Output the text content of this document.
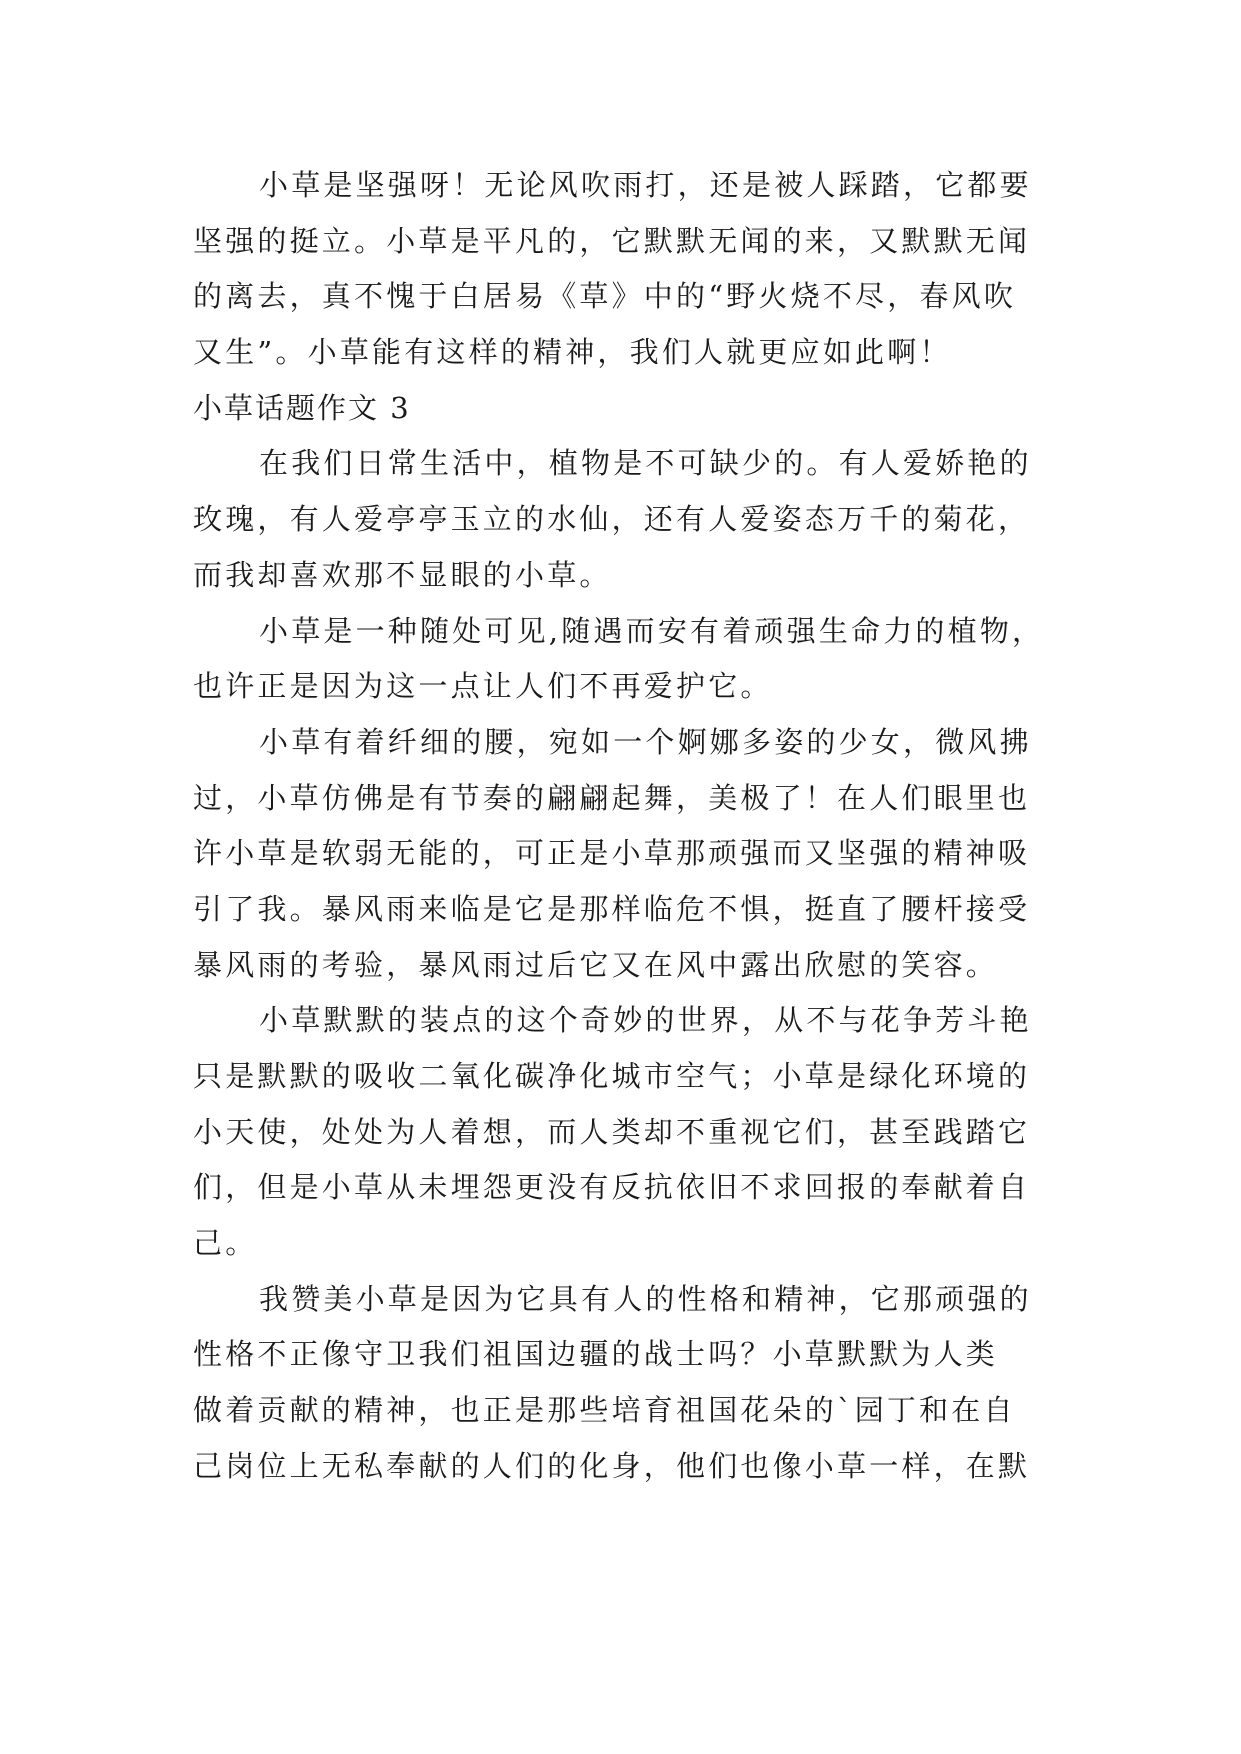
小草是坚强呀！无论风吹雨打，还是被人踩踏，它都要
坚强的挺立。小草是平凡的，它默默无闻的来，又默默无闻
的离去，真不愧于白居易《草》中的“野火烧不尽，春风吹
又生”。小草能有这样的精神，我们人就更应如此啊！
小草话题作文 3
在我们日常生活中，植物是不可缺少的。有人爱娇艳的
玫瑰，有人爱亭亭玉立的水仙，还有人爱姿态万千的菊花，
而我却喜欢那不显眼的小草。
小草是一种随处可见,随遇而安有着顽强生命力的植物，
也许正是因为这一点让人们不再爱护它。
小草有着纤细的腰，宛如一个婀娜多姿的少女，微风拂
过，小草仿佛是有节奏的翩翩起舞，美极了！在人们眼里也
许小草是软弱无能的，可正是小草那顽强而又坚强的精神吸
引了我。暴风雨来临是它是那样临危不惧，挺直了腰杆接受
暴风雨的考验，暴风雨过后它又在风中露出欣慰的笑容。
小草默默的装点的这个奇妙的世界，从不与花争芳斗艳
只是默默的吸收二氧化碳净化城市空气；小草是绿化环境的
小天使，处处为人着想，而人类却不重视它们，甚至践踏它
们，但是小草从未埋怨更没有反抗依旧不求回报的奉献着自
己。
我赞美小草是因为它具有人的性格和精神，它那顽强的
性格不正像守卫我们祖国边疆的战士吗？小草默默为人类
做着贡献的精神，也正是那些培育祖国花朵的`园丁和在自
己岗位上无私奉献的人们的化身，他们也像小草一样，在默
